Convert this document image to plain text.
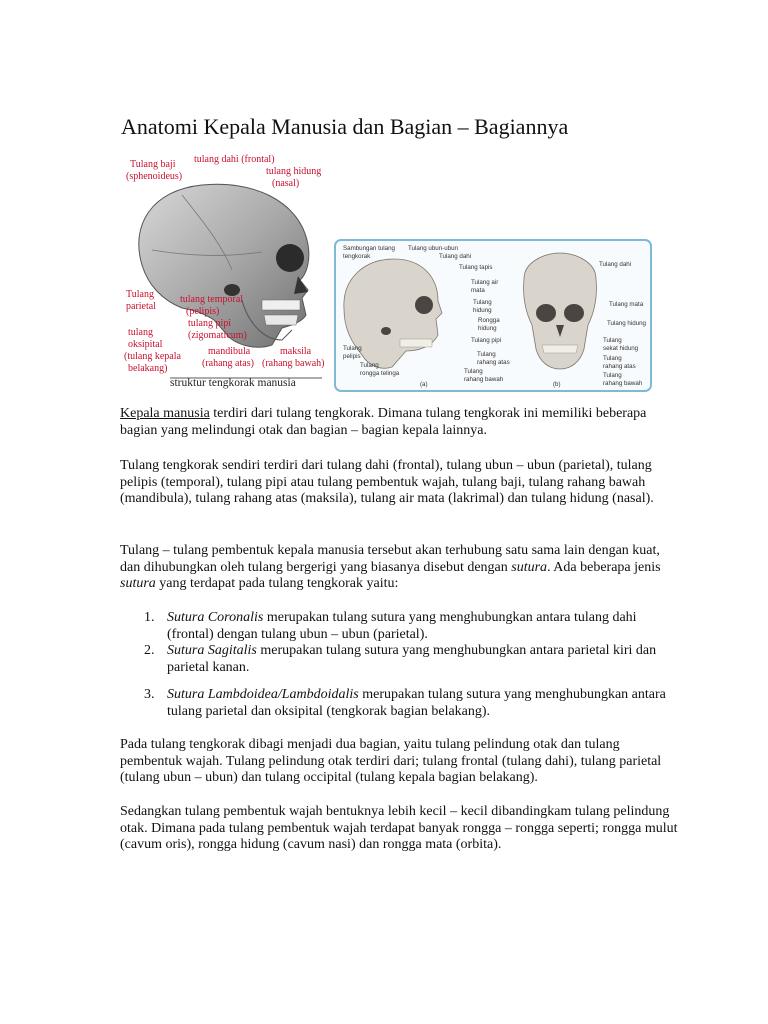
Anatomi Kepala Manusia dan Bagian – Bagiannya
Tulang baji
(sphenoideus)
tulang dahi (frontal)
tulang hidung
(nasal)
Tulang
parietal
tulang temporal
(pelipis)
tulang pipi
(zigomaticum)
tulang
oksipital
(tulang kepala
belakang)
mandibula
(rahang atas)
maksila
(rahang bawah)
struktur tengkorak manusia
Sambungan tulang
tengkorak
Tulang ubun-ubun
Tulang dahi
Tulang tapis
Tulang air
mata
Tulang
hidung
Rongga
hidung
Tulang pipi
Tulang
rahang atas
Tulang
rahang bawah
Tulang
pelipis
Tulang
rongga telinga
(a)
Tulang dahi
Tulang mata
Tulang hidung
Tulang
sekat hidung
Tulang
rahang atas
Tulang
rahang bawah
(b)

Kepala manusia terdiri dari tulang tengkorak. Dimana tulang tengkorak ini memiliki beberapa bagian yang melindungi otak dan bagian – bagian kepala lainnya.

Tulang tengkorak sendiri terdiri dari tulang dahi (frontal), tulang ubun – ubun (parietal), tulang pelipis (temporal), tulang pipi atau tulang pembentuk wajah, tulang baji, tulang rahang bawah (mandibula), tulang rahang atas (maksila), tulang air mata (lakrimal) dan tulang hidung (nasal).

Tulang – tulang pembentuk kepala manusia tersebut akan terhubung satu sama lain dengan kuat, dan dihubungkan oleh tulang bergerigi yang biasanya disebut dengan sutura. Ada beberapa jenis sutura yang terdapat pada tulang tengkorak yaitu:

1. Sutura Coronalis merupakan tulang sutura yang menghubungkan antara tulang dahi (frontal) dengan tulang ubun – ubun (parietal).
2. Sutura Sagitalis merupakan tulang sutura yang menghubungkan antara parietal kiri dan parietal kanan.
3. Sutura Lambdoidea/Lambdoidalis merupakan tulang sutura yang menghubungkan antara tulang parietal dan oksipital (tengkorak bagian belakang).

Pada tulang tengkorak dibagi menjadi dua bagian, yaitu tulang pelindung otak dan tulang pembentuk wajah. Tulang pelindung otak terdiri dari; tulang frontal (tulang dahi), tulang parietal (tulang ubun – ubun) dan tulang occipital (tulang kepala bagian belakang).

Sedangkan tulang pembentuk wajah bentuknya lebih kecil – kecil dibandingkam tulang pelindung otak. Dimana pada tulang pembentuk wajah terdapat banyak rongga – rongga seperti; rongga mulut (cavum oris), rongga hidung (cavum nasi) dan rongga mata (orbita).
